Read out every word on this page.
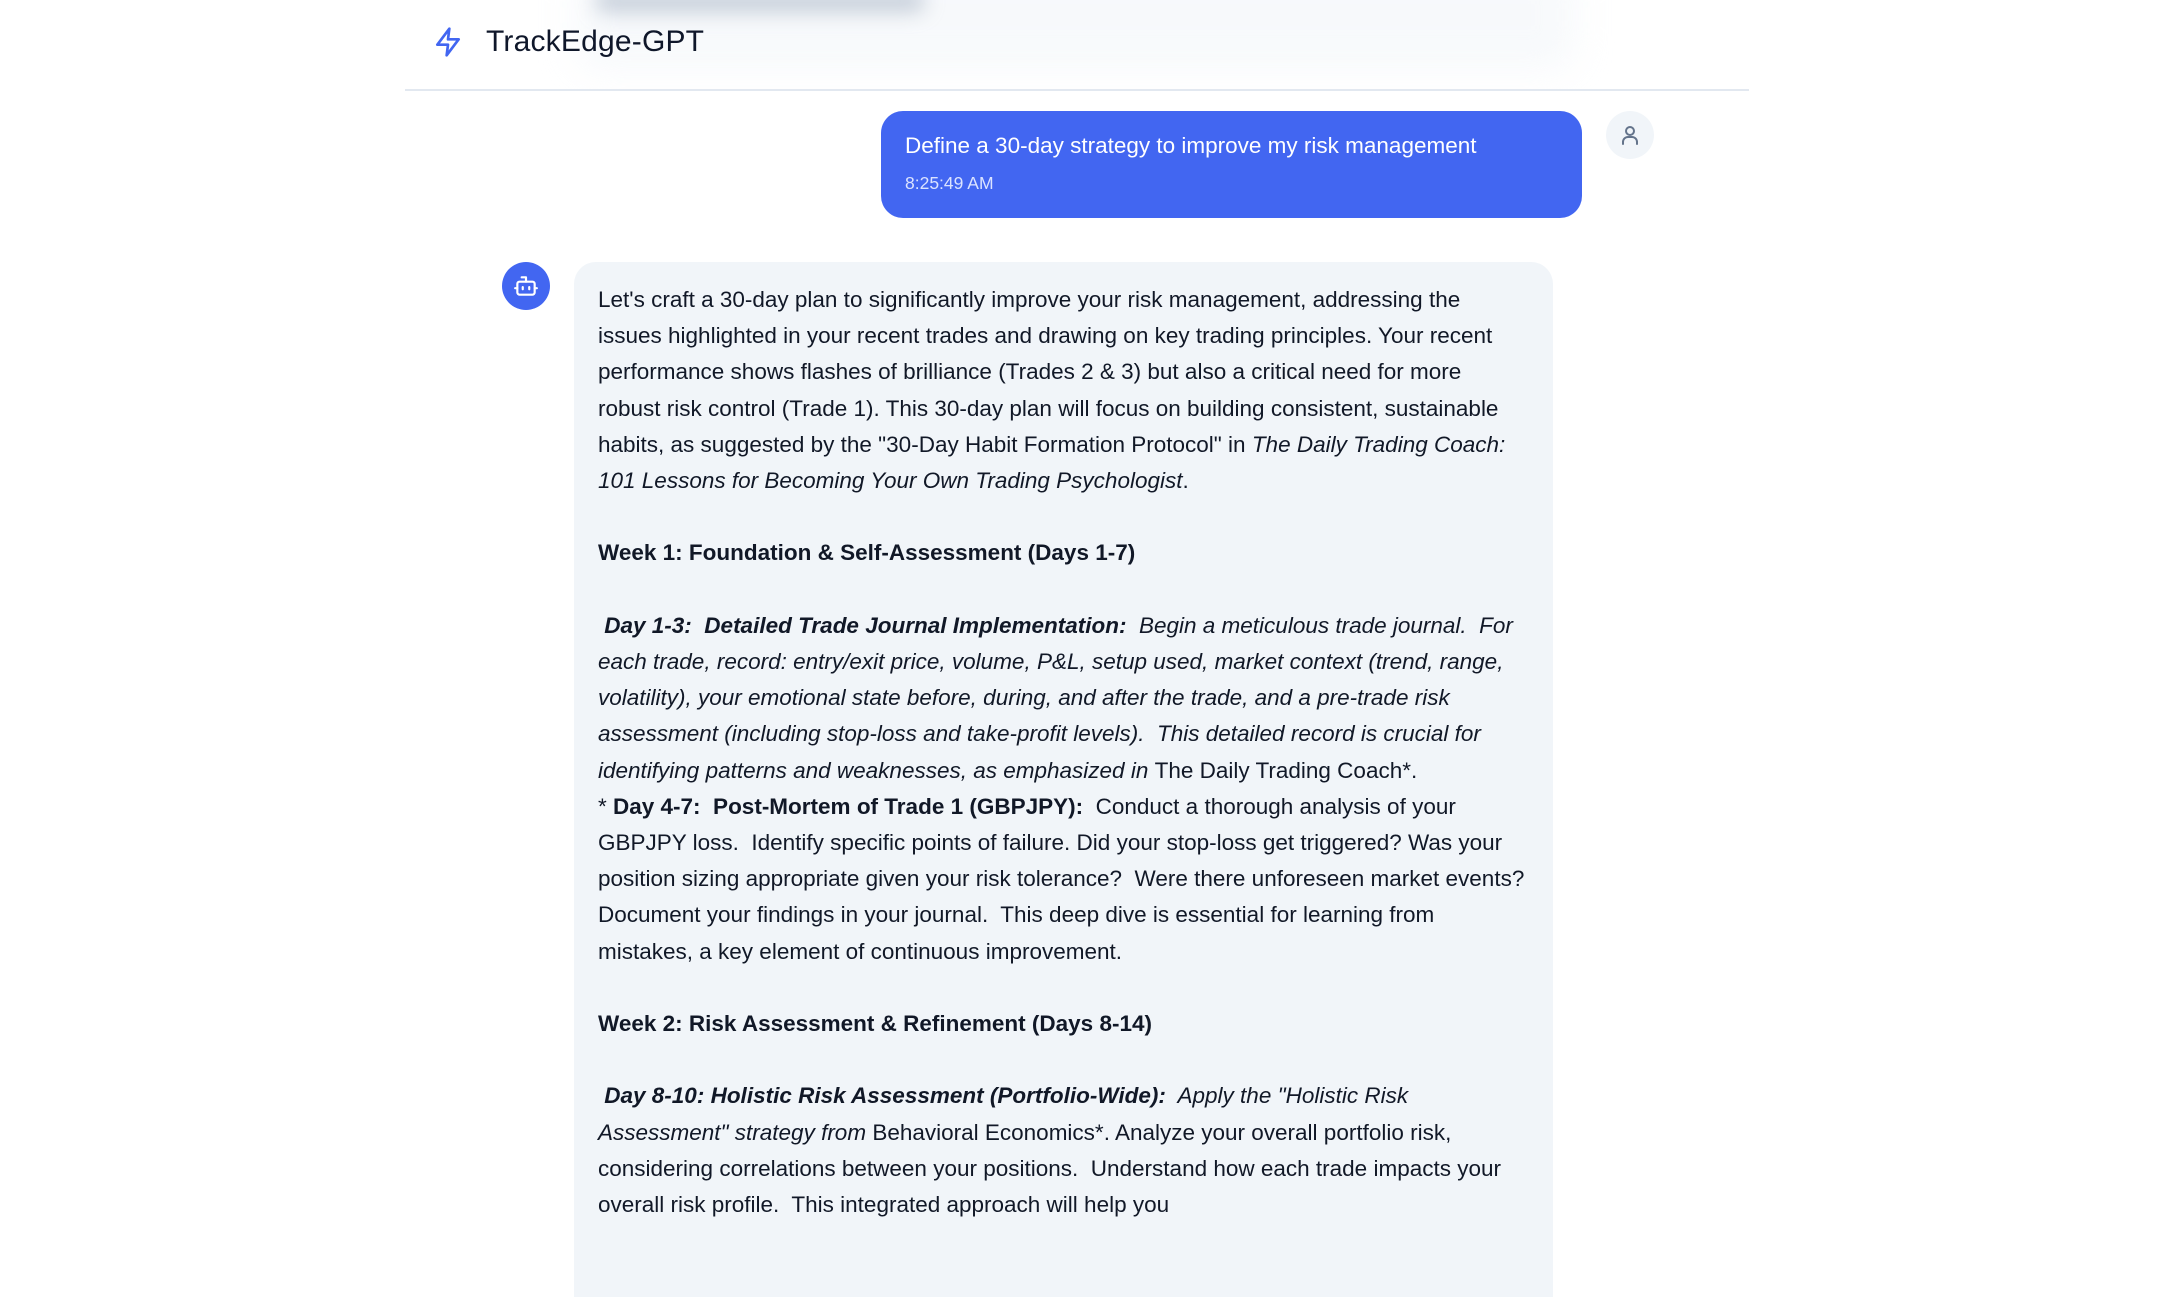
TrackEdge-GPT
Define a 30-day strategy to improve my risk management
8:25:49 AM

Let's craft a 30-day plan to significantly improve your risk management, addressing the issues highlighted in your recent trades and drawing on key trading principles. Your recent performance shows flashes of brilliance (Trades 2 & 3) but also a critical need for more robust risk control (Trade 1). This 30-day plan will focus on building consistent, sustainable habits, as suggested by the "30-Day Habit Formation Protocol" in The Daily Trading Coach: 101 Lessons for Becoming Your Own Trading Psychologist.

Week 1: Foundation & Self-Assessment (Days 1-7)

Day 1-3:  Detailed Trade Journal Implementation:  Begin a meticulous trade journal.  For each trade, record: entry/exit price, volume, P&L, setup used, market context (trend, range, volatility), your emotional state before, during, and after the trade, and a pre-trade risk assessment (including stop-loss and take-profit levels).  This detailed record is crucial for identifying patterns and weaknesses, as emphasized in The Daily Trading Coach*.

* Day 4-7:  Post-Mortem of Trade 1 (GBPJPY):  Conduct a thorough analysis of your GBPJPY loss.  Identify specific points of failure. Did your stop-loss get triggered? Was your position sizing appropriate given your risk tolerance?  Were there unforeseen market events?  Document your findings in your journal.  This deep dive is essential for learning from mistakes, a key element of continuous improvement.

Week 2: Risk Assessment & Refinement (Days 8-14)

Day 8-10: Holistic Risk Assessment (Portfolio-Wide):  Apply the "Holistic Risk Assessment" strategy from Behavioral Economics*. Analyze your overall portfolio risk, considering correlations between your positions.  Understand how each trade impacts your overall risk profile.  This integrated approach will help you
